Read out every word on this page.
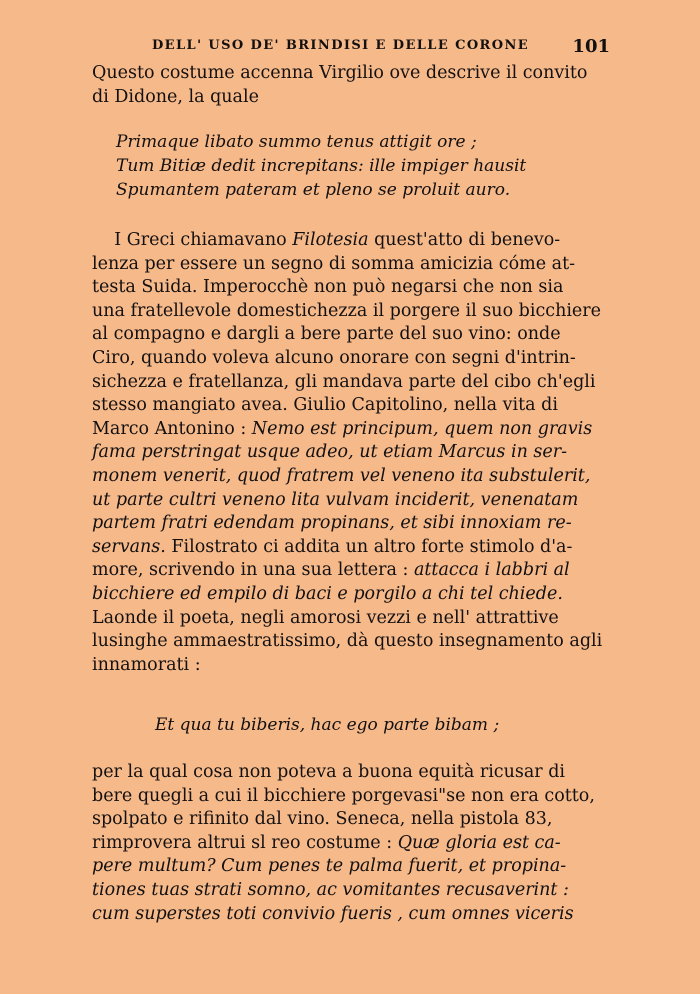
DELL' USO DE' BRINDISI E DELLE CORONE 101

Questo costume accenna Virgilio ove descrive il convito
di Didone, la quale

Primaque libato summo tenus attigit ore ;
Tum Bitiæ dedit increpitans: ille impiger hausit
Spumantem pateram et pleno se proluit auro.

I Greci chiamavano Filotesia quest'atto di benevo-
lenza per essere un segno di somma amicizia cóme at-
testa Suida. Imperocchè non può negarsi che non sia
una fratellevole domestichezza il porgere il suo bicchiere
al compagno e dargli a bere parte del suo vino: onde
Ciro, quando voleva alcuno onorare con segni d'intrin-
sichezza e fratellanza, gli mandava parte del cibo ch'egli
stesso mangiato avea. Giulio Capitolino, nella vita di
Marco Antonino : Nemo est principum, quem non gravis
fama perstringat usque adeo, ut etiam Marcus in ser-
monem venerit, quod fratrem vel veneno ita substulerit,
ut parte cultri veneno lita vulvam inciderit, venenatam
partem fratri edendam propinans, et sibi innoxiam re-
servans. Filostrato ci addita un altro forte stimolo d'a-
more, scrivendo in una sua lettera : attacca i labbri al
bicchiere ed empilo di baci e porgilo a chi tel chiede.
Laonde il poeta, negli amorosi vezzi e nell' attrattive
lusinghe ammaestratissimo, dà questo insegnamento agli
innamorati :

Et qua tu biberis, hac ego parte bibam ;

per la qual cosa non poteva a buona equità ricusar di
bere quegli a cui il bicchiere porgevasi"se non era cotto,
spolpato e rifinito dal vino. Seneca, nella pistola 83,
rimprovera altrui sl reo costume : Quæ gloria est ca-
pere multum? Cum penes te palma fuerit, et propina-
tiones tuas strati somno, ac vomitantes recusaverint :
cum superstes toti convivio fueris , cum omnes viceris
